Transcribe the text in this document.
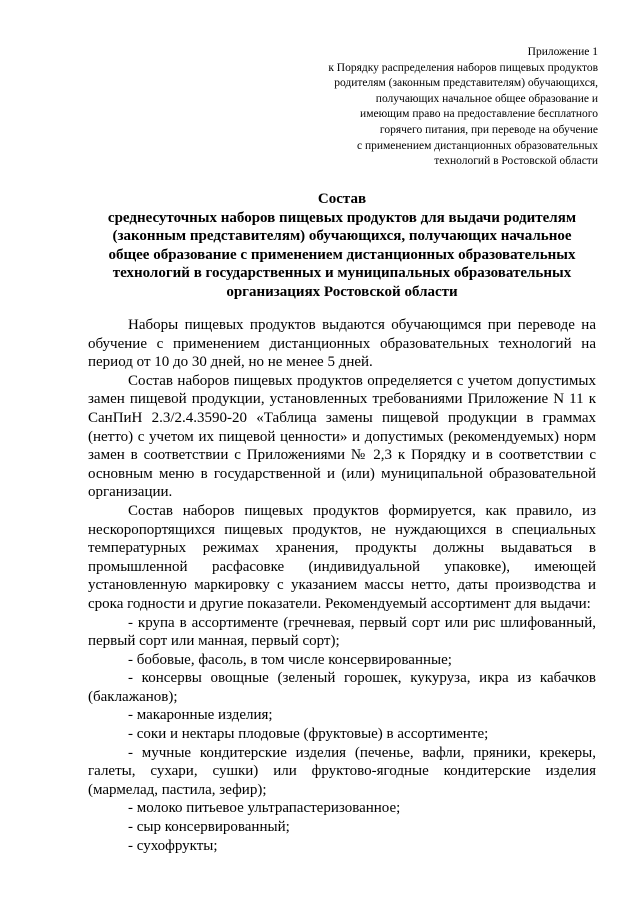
Приложение 1
к Порядку распределения наборов пищевых продуктов
родителям (законным представителям) обучающихся,
получающих начальное общее образование и
имеющим право на предоставление бесплатного
горячего питания, при переводе на обучение
с применением дистанционных образовательных
технологий в Ростовской области
Состав
среднесуточных наборов пищевых продуктов для выдачи родителям
(законным представителям) обучающихся, получающих начальное
общее образование с применением дистанционных образовательных
технологий в государственных и муниципальных образовательных
организациях Ростовской области

Наборы пищевых продуктов выдаются обучающимся при переводе на обучение с применением дистанционных образовательных технологий на период от 10 до 30 дней, но не менее 5 дней.

Состав наборов пищевых продуктов определяется с учетом допустимых замен пищевой продукции, установленных требованиями Приложение N 11 к СанПиН 2.3/2.4.3590-20 «Таблица замены пищевой продукции в граммах (нетто) с учетом их пищевой ценности» и допустимых (рекомендуемых) норм замен в соответствии с Приложениями № 2,3 к Порядку и в соответствии с основным меню в государственной и (или) муниципальной образовательной организации.

Состав наборов пищевых продуктов формируется, как правило, из нескоропортящихся пищевых продуктов, не нуждающихся в специальных температурных режимах хранения, продукты должны выдаваться в промышленной расфасовке (индивидуальной упаковке), имеющей установленную маркировку с указанием массы нетто, даты производства и срока годности и другие показатели. Рекомендуемый ассортимент для выдачи:

- крупа в ассортименте (гречневая, первый сорт или рис шлифованный, первый сорт или манная, первый сорт);

- бобовые, фасоль, в том числе консервированные;

- консервы овощные (зеленый горошек, кукуруза, икра из кабачков (баклажанов);

- макаронные изделия;

- соки и нектары плодовые (фруктовые) в ассортименте;

- мучные кондитерские изделия (печенье, вафли, пряники, крекеры, галеты, сухари, сушки) или фруктово-ягодные кондитерские изделия (мармелад, пастила, зефир);

- молоко питьевое ультрапастеризованное;

- сыр консервированный;

- сухофрукты;
